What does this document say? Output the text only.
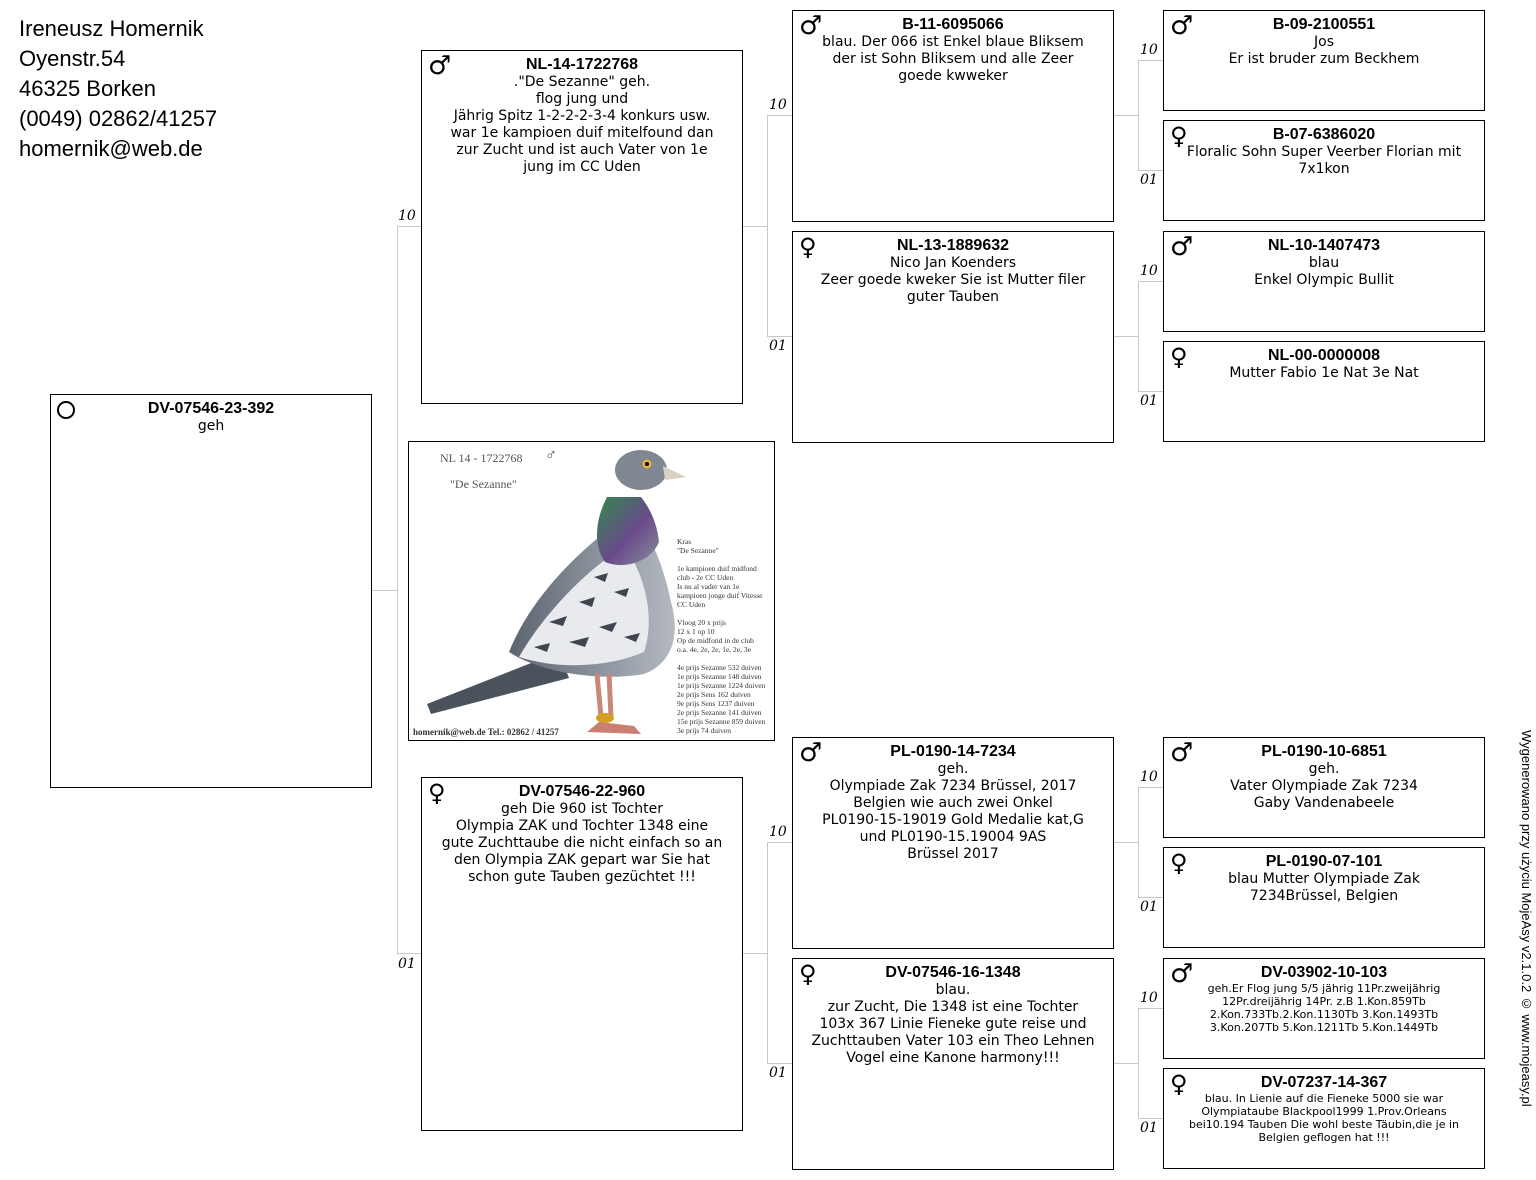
Ireneusz Homernik
Oyenstr.54
46325 Borken
(0049) 02862/41257
homernik@web.de
10
01
10
01
10
01
10
01
10
01
10
01
10
01
DV-07546-23-392
geh
♂	NL-14-1722768
."De Sezanne" geh.
flog jung und
Jährig Spitz 1-2-2-2-3-4 konkurs usw.
war 1e kampioen duif mitelfound dan
zur Zucht und ist auch Vater von 1e
jung im CC Uden
♀	DV-07546-22-960
geh Die 960 ist Tochter
Olympia ZAK und Tochter 1348 eine
gute Zuchttaube die nicht einfach so an
den Olympia ZAK gepart war Sie hat
schon gute Tauben gezüchtet !!!
NL 14 - 1722768 ♂
"De Sezanne"
Kras
"De Sezanne"

1e kampioen duif midfond
club - 2e CC Uden
Is nu al vader van 1e
kampioen jonge duif Vitesse
CC Uden

Vloog 20 x prijs
12 x 1 op 10
Op de midfond in de club
o.a. 4e, 2e, 2e, 1e, 2e, 3e

4e prijs Sezanne 532 duiven
1e prijs Sezanne 148 duiven
1e prijs Sezanne 1224 duiven
2e prijs Sens 162 duiven
9e prijs Sens 1237 duiven
2e prijs Sezanne 141 duiven
15e prijs Sezanne 859 duiven
3e prijs 74 duiven
homernik@web.de Tel.: 02862 / 41257
♂	B-11-6095066
blau. Der 066 ist Enkel blaue Bliksem
der ist Sohn Bliksem und alle Zeer
goede kwweker
♀	NL-13-1889632
Nico Jan Koenders
Zeer goede kweker Sie ist Mutter filer
guter Tauben
♂	PL-0190-14-7234
geh.
Olympiade Zak 7234 Brüssel, 2017
Belgien wie auch zwei Onkel
PL0190-15-19019 Gold Medalie kat,G
und PL0190-15.19004 9AS
Brüssel 2017
♀	DV-07546-16-1348
blau.
zur Zucht, Die 1348 ist eine Tochter
103x 367 Linie Fieneke gute reise und
Zuchttauben Vater 103 ein Theo Lehnen
Vogel eine Kanone harmony!!!
♂	B-09-2100551
Jos
Er ist bruder zum Beckhem
♀	B-07-6386020
Floralic Sohn Super Veerber Florian mit
7x1kon
♂	NL-10-1407473
blau
Enkel Olympic Bullit
♀	NL-00-0000008
Mutter Fabio 1e Nat 3e Nat
♂	PL-0190-10-6851
geh.
Vater Olympiade Zak 7234
Gaby Vandenabeele
♀	PL-0190-07-101
blau Mutter Olympiade Zak
7234Brüssel, Belgien
♂	DV-03902-10-103
geh.Er Flog jung 5/5 jährig 11Pr.zweijährig
12Pr.dreijährig 14Pr. z.B 1.Kon.859Tb
2.Kon.733Tb.2.Kon.1130Tb 3.Kon.1493Tb
3.Kon.207Tb 5.Kon.1211Tb 5.Kon.1449Tb
♀	DV-07237-14-367
blau. In Lienie auf die Fieneke 5000 sie war
Olympiataube Blackpool1999 1.Prov.Orleans
bei10.194 Tauben Die wohl beste Täubin,die je in
Belgien geflogen hat !!!
Wygenerowano przy użyciu MojeAsy v2.1.0.2 © www.mojeasy.pl
